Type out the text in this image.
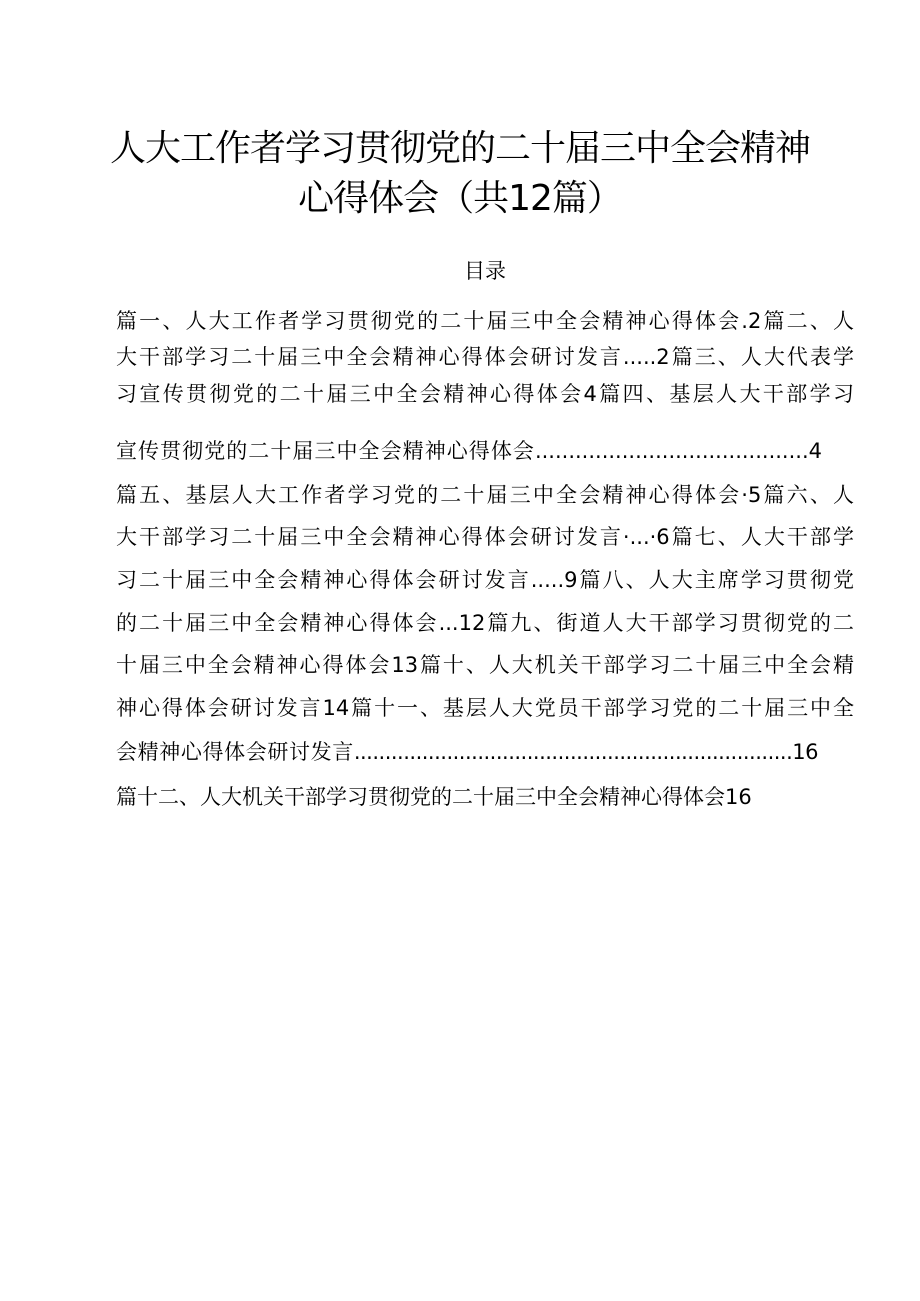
人大工作者学习贯彻党的二十届三中全会精神
心得体会（共12篇）
目录
篇一、人大工作者学习贯彻党的二十届三中全会精神心得体会.2篇二、人
大干部学习二十届三中全会精神心得体会研讨发言.....2篇三、人大代表学
习宣传贯彻党的二十届三中全会精神心得体会4篇四、基层人大干部学习
宣传贯彻党的二十届三中全会精神心得体会.........................................4
篇五、基层人大工作者学习党的二十届三中全会精神心得体会·5篇六、人
大干部学习二十届三中全会精神心得体会研讨发言·...·6篇七、人大干部学
习二十届三中全会精神心得体会研讨发言.....9篇八、人大主席学习贯彻党
的二十届三中全会精神心得体会...12篇九、街道人大干部学习贯彻党的二
十届三中全会精神心得体会13篇十、人大机关干部学习二十届三中全会精
神心得体会研讨发言14篇十一、基层人大党员干部学习党的二十届三中全
会精神心得体会研讨发言.......................................................................16
篇十二、人大机关干部学习贯彻党的二十届三中全会精神心得体会16
